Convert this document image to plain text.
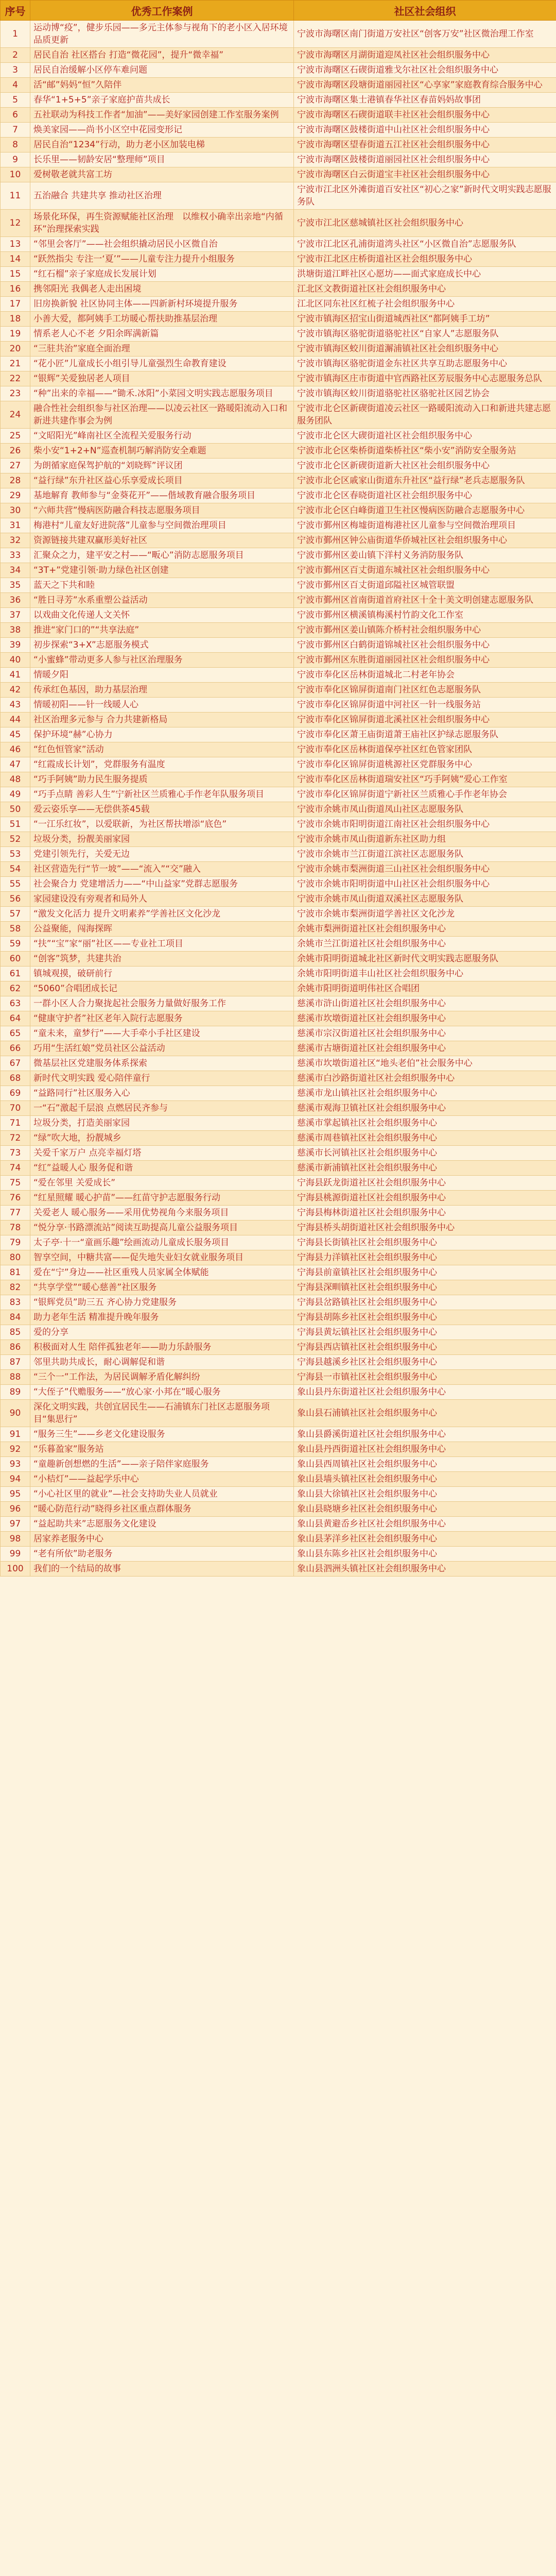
序号	优秀工作案例	社区社会组织
1	运动博“疫”，健步乐园——多元主体参与视角下的老小区入居环境品质更新	宁波市海曙区南门街道万安社区“创客万安”社区微治理工作室
2	居民自治 社区搭台 打造“微花园”，提升“微幸福”	宁波市海曙区月湖街道迎凤社区社会组织服务中心
3	居民自治缓解小区停车难问题	宁波市海曙区石碶街道雅戈尔社区社会组织服务中心
4	活“邮”妈妈“恒”久陪伴	宁波市海曙区段塘街道丽园社区“心享家”家庭教育综合服务中心
5	春华“1+5+5”亲子家庭护苗共成长	宁波市海曙区集士港镇春华社区春苗妈妈故事团
6	五社联动为科技工作者“加油”——美好家园创建工作室服务案例	宁波市海曙区石碶街道联丰社区社会组织服务中心
7	焕美家园——尚书小区空中花园变形记	宁波市海曙区鼓楼街道中山社区社会组织服务中心
8	居民自治“1234”行动，助力老小区加装电梯	宁波市海曙区望春街道五江社区社会组织服务中心
9	长乐里——韧龄安居“整理师”项目	宁波市海曙区鼓楼街道丽园社区社会组织服务中心
10	爱树敬老就共富工坊	宁波市海曙区白云街道宝丰社区社会组织服务中心
11	五治融合 共建共享 推动社区治理	宁波市江北区外滩街道百安社区“初心之家”新时代文明实践志愿服务队
12	场景化环保，再生资源赋能社区治理　以维权小确幸出亲地“内循环”治理探索实践	宁波市江北区慈城镇社区社会组织服务中心
13	“邻里会客厅”——社会组织撬动居民小区微自治	宁波市江北区孔浦街道湾头社区“小区微自治”志愿服务队
14	“跃然指尖 专注一‘夏’”——儿童专注力提升小组服务	宁波市江北区庄桥街道社区社会组织服务中心
15	“红石榴”亲子家庭成长发展计划	洪塘街道江畔社区心愿坊——面式家庭成长中心
16	携邻阳光 我偶老人走出困境	江北区文教街道社区社会组织服务中心
17	旧房换新貌 社区协同主体——四新新村环境提升服务	江北区同东社区红梳子社会组织服务中心
18	小善大爱，都阿姨手工坊暖心帮扶助推基层治理	宁波市镇海区招宝山街道城西社区“都阿姨手工坊”
19	情系老人心不老 夕阳余晖满新篇	宁波市镇海区骆驼街道骆驼社区“自家人”志愿服务队
20	“三驻共治”家庭全面治理	宁波市镇海区蛟川街道澥浦镇社区社会组织服务中心
21	“花小匠”儿童成长小组引导儿童强烈生命教育建设	宁波市镇海区骆驼街道金东社区共享互助志愿服务中心
22	“银辉”关爱独居老人项目	宁波市镇海区庄市街道中官西路社区芳辰服务中心志愿服务总队
23	“种”出来的幸福——“锄禾.冰阳”小菜园文明实践志愿服务项目	宁波市镇海区蛟川街道骆驼社区骆驼社区园艺协会
24	融合性社会组织参与社区治理——以凌云社区一路暖阳流动入口和新进共建作事会为例	宁波市北仑区新碶街道凌云社区一路暖阳流动入口和新进共建志愿服务团队
25	“文昭阳光”峰南社区全流程关爱服务行动	宁波市北仑区大碶街道社区社会组织服务中心
26	柴小安“1+2+N”巡查机制巧解消防安全难题	宁波市北仑区柴桥街道柴桥社区“柴小安”消防安全服务站
27	为朗循家庭保驾护航的“刘晓辉”评议团	宁波市北仑区新碶街道新大社区社会组织服务中心
28	“益行绿”东升社区益心乐享爱成长项目	宁波市北仑区戚家山街道东升社区“益行绿”老兵志愿服务队
29	基地解育 教师参与“金葵花开”——偕域教育融合服务项目	宁波市北仑区春晓街道社区社会组织服务中心
30	“六师共营”慢病医防融合科技志愿服务项目	宁波市北仑区白峰街道卫生社区慢病医防融合志愿服务中心
31	梅港村“儿童友好进院落”儿童参与空间微治理项目	宁波市鄞州区梅墟街道梅港社区儿童参与空间微治理项目
32	资源链接共建双赢形美好社区	宁波市鄞州区钟公庙街道华侨城社区社会组织服务中心
33	汇聚众之力，建平安之村——“畈心”消防志愿服务项目	宁波市鄞州区姜山镇下洋村义务消防服务队
34	“3T+”党建引领·助力绿色社区创建	宁波市鄞州区百丈街道东城社区社会组织服务中心
35	蓝天之下共和睦	宁波市鄞州区百丈街道邱隘社区城管联盟
36	“胜日寻芳”水系重塑公益活动	宁波市鄞州区首南街道首府社区十全十美文明创建志愿服务队
37	以戏曲文化传递人文关怀	宁波市鄞州区横溪镇梅溪村竹韵文化工作室
38	推进“家门口的”“共享法庭”	宁波市鄞州区姜山镇陈介桥村社会组织服务中心
39	初步探索“3+X”志愿服务模式	宁波市鄞州区白鹤街道锦城社区社会组织服务中心
40	“小蜜蜂”带动更多人参与社区治理服务	宁波市鄞州区东胜街道丽园社区社会组织服务中心
41	情暖夕阳	宁波市奉化区岳林街道城北二村老年协会
42	传承红色基因，助力基层治理	宁波市奉化区锦屏街道南门社区红色志愿服务队
43	情暖初阳——针一线暖人心	宁波市奉化区锦屏街道中河社区一针一线服务站
44	社区治理多元参与 合力共建新格局	宁波市奉化区锦屏街道北溪社区社会组织服务中心
45	保护环境“赫”心协力	宁波市奉化区萧王庙街道萧王庙社区护绿志愿服务队
46	“红色恒管家”活动	宁波市奉化区岳林街道保亭社区红色管家团队
47	“红霞成长计划”，党群服务有温度	宁波市奉化区锦屏街道桃源社区党群服务中心
48	“巧手阿姨”助力民生服务提质	宁波市奉化区岳林街道瑞安社区“巧手阿姨”爱心工作室
49	“巧手点睛 善彩人生”宁新社区兰质雅心手作老年队服务项目	宁波市奉化区锦屏街道宁新社区兰质雅心手作老年协会
50	爱云姿乐享——无偿供茶45载	宁波市余姚市凤山街道凤山社区志愿服务队
51	“一江乐红妆”，以爱联新，为社区帮扶增添“底色”	宁波市余姚市阳明街道江南社区社会组织服务中心
52	垃圾分类，扮靓美丽家园	宁波市余姚市凤山街道新东社区助力组
53	党建引领先行，关爱无边	宁波市余姚市兰江街道江滨社区志愿服务队
54	社区营造先行“节一坡”——“流入”“交”融入	宁波市余姚市梨洲街道三山社区社会组织服务中心
55	社会聚合力 党建增活力——“中山益家”党群志愿服务	宁波市余姚市阳明街道中山社区社会组织服务中心
56	家园建设没有旁观者和局外人	宁波市余姚市凤山街道双溪社区志愿服务队
57	“激发文化活力 提升文明素养”学善社区文化沙龙	宁波市余姚市梨洲街道学善社区文化沙龙
58	公益聚能，闯海探晖	余姚市梨洲街道社区社会组织服务中心
59	“扶”“宝”家“丽”社区——专业社工项目	余姚市兰江街道社区社会组织服务中心
60	“创客”筑梦，共建共治	余姚市阳明街道城北社区新时代文明实践志愿服务队
61	镇城观摸，破研前行	余姚市阳明街道丰山社区社会组织服务中心
62	“5060”合唱团成长记	余姚市阳明街道明伟社区合唱团
63	一群小区人合力聚拢起社会服务力量做好服务工作	慈溪市浒山街道社区社会组织服务中心
64	“健康守护者”社区老年入院行志愿服务	慈溪市坎墩街道社区社会组织服务中心
65	“童未来，童梦行”——大手牵小手社区建设	慈溪市宗汉街道社区社会组织服务中心
66	巧用“生活红娘”党员社区公益活动	慈溪市古塘街道社区社会组织服务中心
67	微基层社区党建服务体系探索	慈溪市坎墩街道社区“地头老伯”社会服务中心
68	新时代文明实践 爱心陪伴童行	慈溪市白沙路街道社区社会组织服务中心
69	“益路同行”社区服务入心	慈溪市龙山镇社区社会组织服务中心
70	一“石”激起千层浪 点燃居民齐参与	慈溪市观海卫镇社区社会组织服务中心
71	垃圾分类，打造美丽家园	慈溪市掌起镇社区社会组织服务中心
72	“绿”吹大地，扮靓城乡	慈溪市周巷镇社区社会组织服务中心
73	关爱千家万户 点亮幸福灯塔	慈溪市长河镇社区社会组织服务中心
74	“红”益暖人心 服务促和谐	慈溪市新浦镇社区社会组织服务中心
75	“爱在邻里 关爱成长”	宁海县跃龙街道社区社会组织服务中心
76	“红星照耀 暖心护苗”——红苗守护志愿服务行动	宁海县桃源街道社区社会组织服务中心
77	关爱老人 暖心服务——采用优势视角今来服务项目	宁海县梅林街道社区社会组织服务中心
78	“悦分享·书路漂流站”阅读互助提高儿童公益服务项目	宁海县桥头胡街道社区社会组织服务中心
79	太子亭·十一“童画乐趣”绘画流动儿童成长服务项目	宁海县长街镇社区社会组织服务中心
80	智享空间，中糖共富——促失地失业妇女就业服务项目	宁海县力洋镇社区社会组织服务中心
81	爱在“宁”身边——社区重残人员家属全体赋能	宁海县前童镇社区社会组织服务中心
82	“共享学堂”“暖心慈善”社区服务	宁海县深甽镇社区社会组织服务中心
83	“银辉党员”助三五 齐心协力党建服务	宁海县岔路镇社区社会组织服务中心
84	助力老年生活 精准提升晚年服务	宁海县胡陈乡社区社会组织服务中心
85	爱的分享	宁海县黄坛镇社区社会组织服务中心
86	积极面对人生 陪伴孤独老年——助力乐龄服务	宁海县西店镇社区社会组织服务中心
87	邻里共助共成长，耐心调解促和谐	宁海县越溪乡社区社会组织服务中心
88	“三个一”工作法，为居民调解矛盾化解纠纷	宁海县一市镇社区社会组织服务中心
89	“大侄子”代赡服务——“放心家·小邦在”暖心服务	象山县丹东街道社区社会组织服务中心
90	深化文明实践，共创宜居民生——石浦镇东门社区志愿服务项目“集思行”	象山县石浦镇社区社会组织服务中心
91	“服务三生”——乡老文化建设服务	象山县爵溪街道社区社会组织服务中心
92	“乐暮盈家”服务站	象山县丹西街道社区社会组织服务中心
93	“童趣新创想燃的生活”——亲子陪伴家庭服务	象山县西周镇社区社会组织服务中心
94	“小桔灯”——益起学乐中心	象山县墙头镇社区社会组织服务中心
95	“小心社区里的就业”—社会支持助失业人员就业	象山县大徐镇社区社会组织服务中心
96	“暖心防范行动”晓得乡社区重点群体服务	象山县晓塘乡社区社会组织服务中心
97	“益起助共来”志愿服务文化建设	象山县黄避岙乡社区社会组织服务中心
98	居家养老服务中心	象山县茅洋乡社区社会组织服务中心
99	“老有所依”助老服务	象山县东陈乡社区社会组织服务中心
100	我们的一个结局的故事	象山县泗洲头镇社区社会组织服务中心
